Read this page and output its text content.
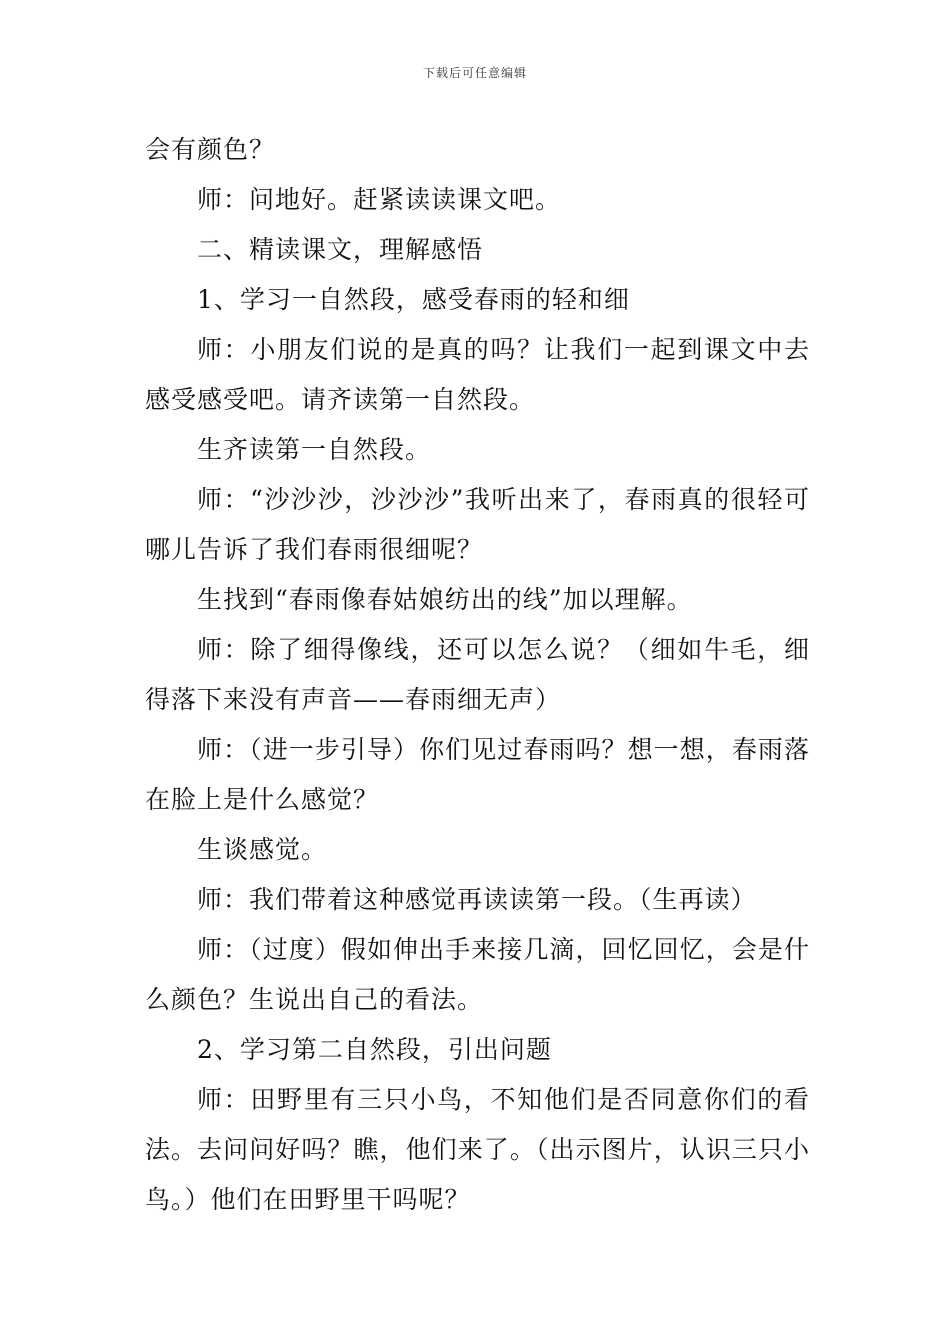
下载后可任意编辑

会有颜色？

师：问地好。赶紧读读课文吧。

二、精读课文，理解感悟

1、学习一自然段，感受春雨的轻和细

师：小朋友们说的是真的吗？让我们一起到课文中去感受感受吧。请齐读第一自然段。

生齐读第一自然段。

师：“沙沙沙，沙沙沙”我听出来了，春雨真的很轻可哪儿告诉了我们春雨很细呢？

生找到“春雨像春姑娘纺出的线”加以理解。

师：除了细得像线，还可以怎么说？（细如牛毛，细得落下来没有声音——春雨细无声）

师：（进一步引导）你们见过春雨吗？想一想，春雨落在脸上是什么感觉？

生谈感觉。

师：我们带着这种感觉再读读第一段。（生再读）

师：（过度）假如伸出手来接几滴，回忆回忆，会是什么颜色？生说出自己的看法。

2、学习第二自然段，引出问题

师：田野里有三只小鸟，不知他们是否同意你们的看法。去问问好吗？瞧，他们来了。（出示图片，认识三只小鸟。）他们在田野里干吗呢？
